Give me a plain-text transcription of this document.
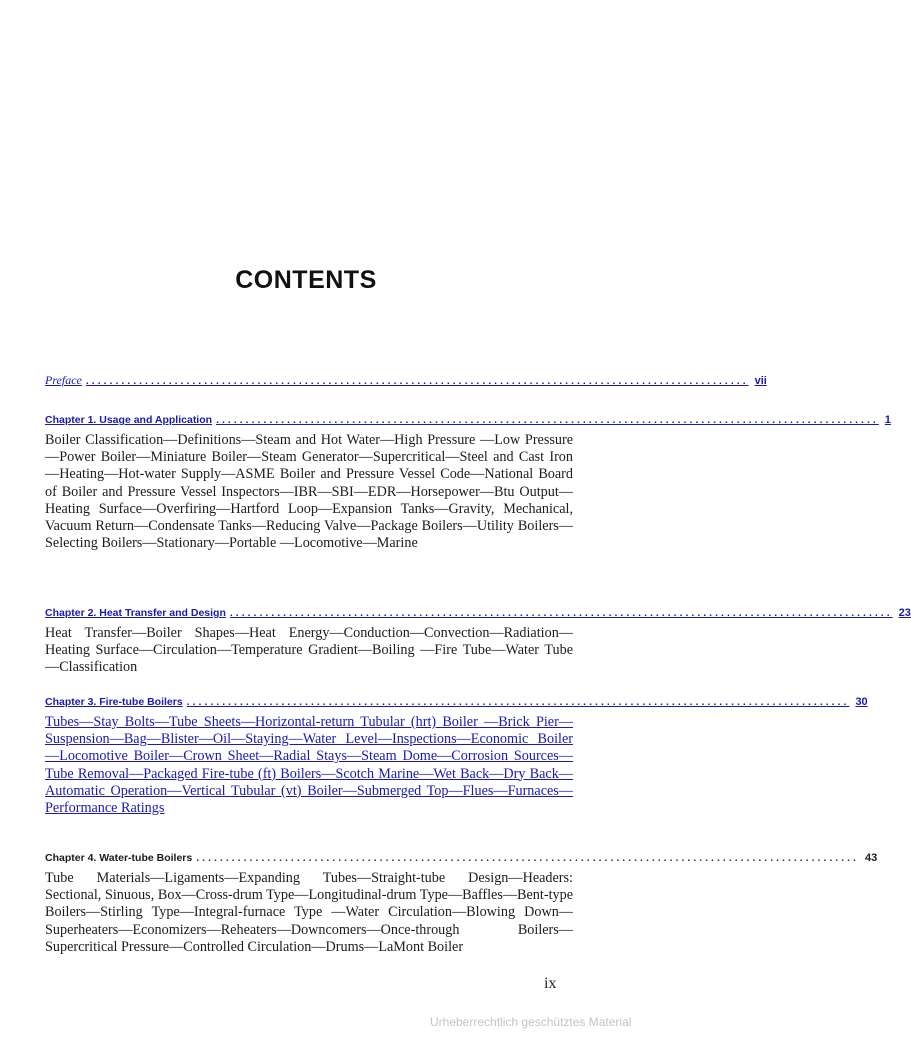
CONTENTS
Preface ................................................................................................................ vii
Chapter 1. Usage and Application ................................................................................................................ 1
Boiler Classification—Definitions—Steam and Hot Water—High Pressure —Low Pressure—Power Boiler—Miniature Boiler—Steam Generator—Supercritical—Steel and Cast Iron—Heating—Hot-water Supply—ASME Boiler and Pressure Vessel Code—National Board of Boiler and Pressure Vessel Inspectors—IBR—SBI—EDR—Horsepower—Btu Output—Heating Surface—Overfiring—Hartford Loop—Expansion Tanks—Gravity, Mechanical, Vacuum Return—Condensate Tanks—Reducing Valve—Package Boilers—Utility Boilers—Selecting Boilers—Stationary—Portable —Locomotive—Marine
Chapter 2. Heat Transfer and Design ................................................................................................................ 23
Heat Transfer—Boiler Shapes—Heat Energy—Conduction—Convection—Radiation—Heating Surface—Circulation—Temperature Gradient—Boiling —Fire Tube—Water Tube—Classification
Chapter 3. Fire-tube Boilers ................................................................................................................ 30
Tubes—Stay Bolts—Tube Sheets—Horizontal-return Tubular (hrt) Boiler —Brick Pier—Suspension—Bag—Blister—Oil—Staying—Water Level—Inspections—Economic Boiler—Locomotive Boiler—Crown Sheet—Radial Stays—Steam Dome—Corrosion Sources—Tube Removal—Packaged Fire-tube (ft) Boilers—Scotch Marine—Wet Back—Dry Back—Automatic Operation—Vertical Tubular (vt) Boiler—Submerged Top—Flues—Furnaces—Performance Ratings
Chapter 4. Water-tube Boilers ................................................................................................................ 43
Tube Materials—Ligaments—Expanding Tubes—Straight-tube Design—Headers: Sectional, Sinuous, Box—Cross-drum Type—Longitudinal-drum Type—Baffles—Bent-type Boilers—Stirling Type—Integral-furnace Type —Water Circulation—Blowing Down—Superheaters—Economizers—Reheaters—Downcomers—Once-through Boilers—Supercritical Pressure—Controlled Circulation—Drums—LaMont Boiler
ix
Urheberrechtlich geschütztes Material
